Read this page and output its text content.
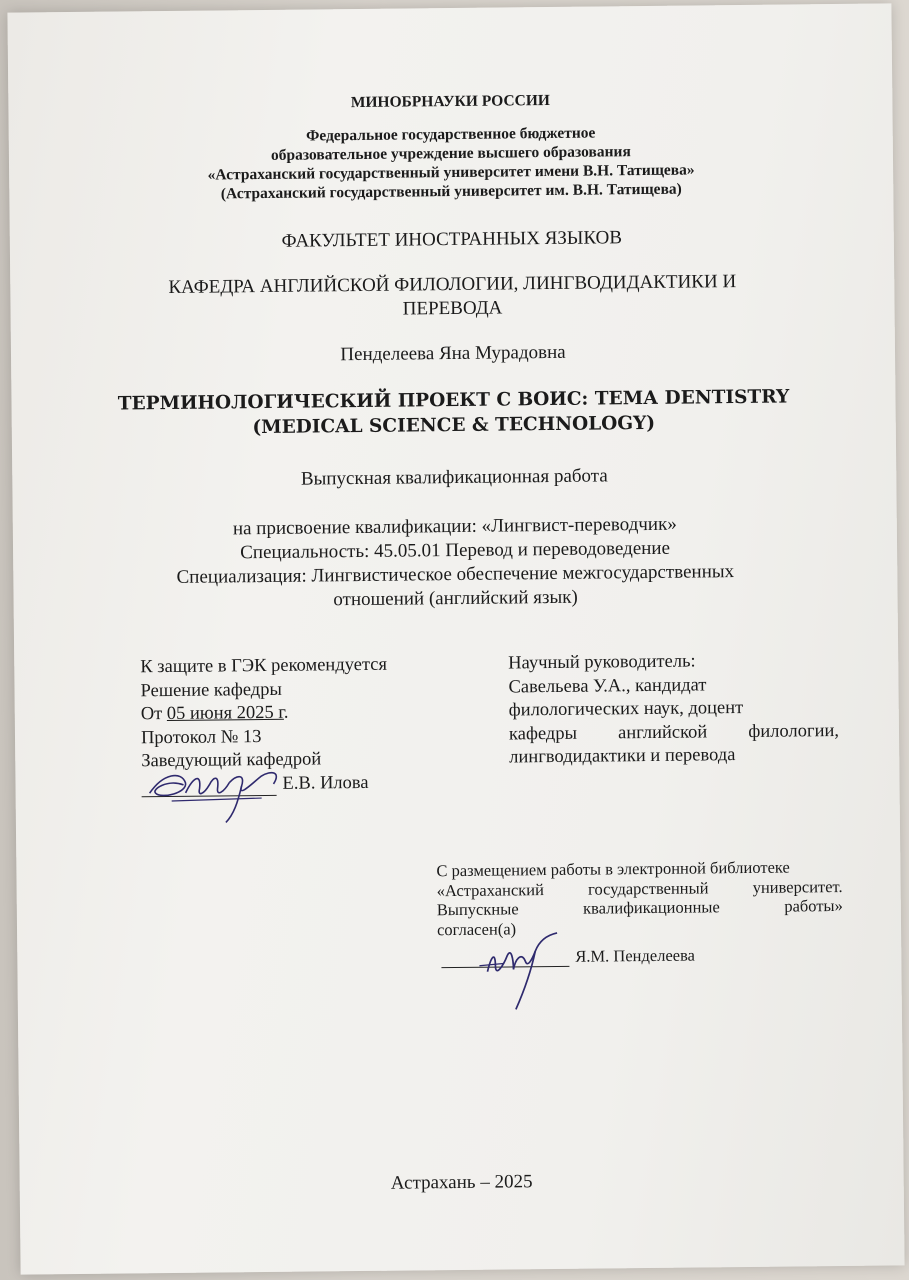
МИНОБРНАУКИ РОССИИ
Федеральное государственное бюджетное
образовательное учреждение высшего образования
«Астраханский государственный университет имени В.Н. Татищева»
(Астраханский государственный университет им. В.Н. Татищева)
ФАКУЛЬТЕТ ИНОСТРАННЫХ ЯЗЫКОВ
КАФЕДРА АНГЛИЙСКОЙ ФИЛОЛОГИИ, ЛИНГВОДИДАКТИКИ И
ПЕРЕВОДА
Пенделеева Яна Мурадовна
ТЕРМИНОЛОГИЧЕСКИЙ ПРОЕКТ С ВОИС: ТЕМА DENTISTRY
(MEDICAL SCIENCE & TECHNOLOGY)
Выпускная квалификационная работа
на присвоение квалификации: «Лингвист-переводчик»
Специальность: 45.05.01 Перевод и переводоведение
Специализация: Лингвистическое обеспечение межгосударственных
отношений (английский язык)
К защите в ГЭК рекомендуется
Решение кафедры
От 05 июня 2025 г.
Протокол № 13
Заведующий кафедрой
Е.В. Илова
Научный руководитель:
Савельева У.А., кандидат
филологических наук, доцент
кафедры английской филологии,
лингводидактики и перевода
С размещением работы в электронной библиотеке
«Астраханский государственный университет.
Выпускные квалификационные работы»
согласен(а)
Я.М. Пенделеева
Астрахань – 2025
